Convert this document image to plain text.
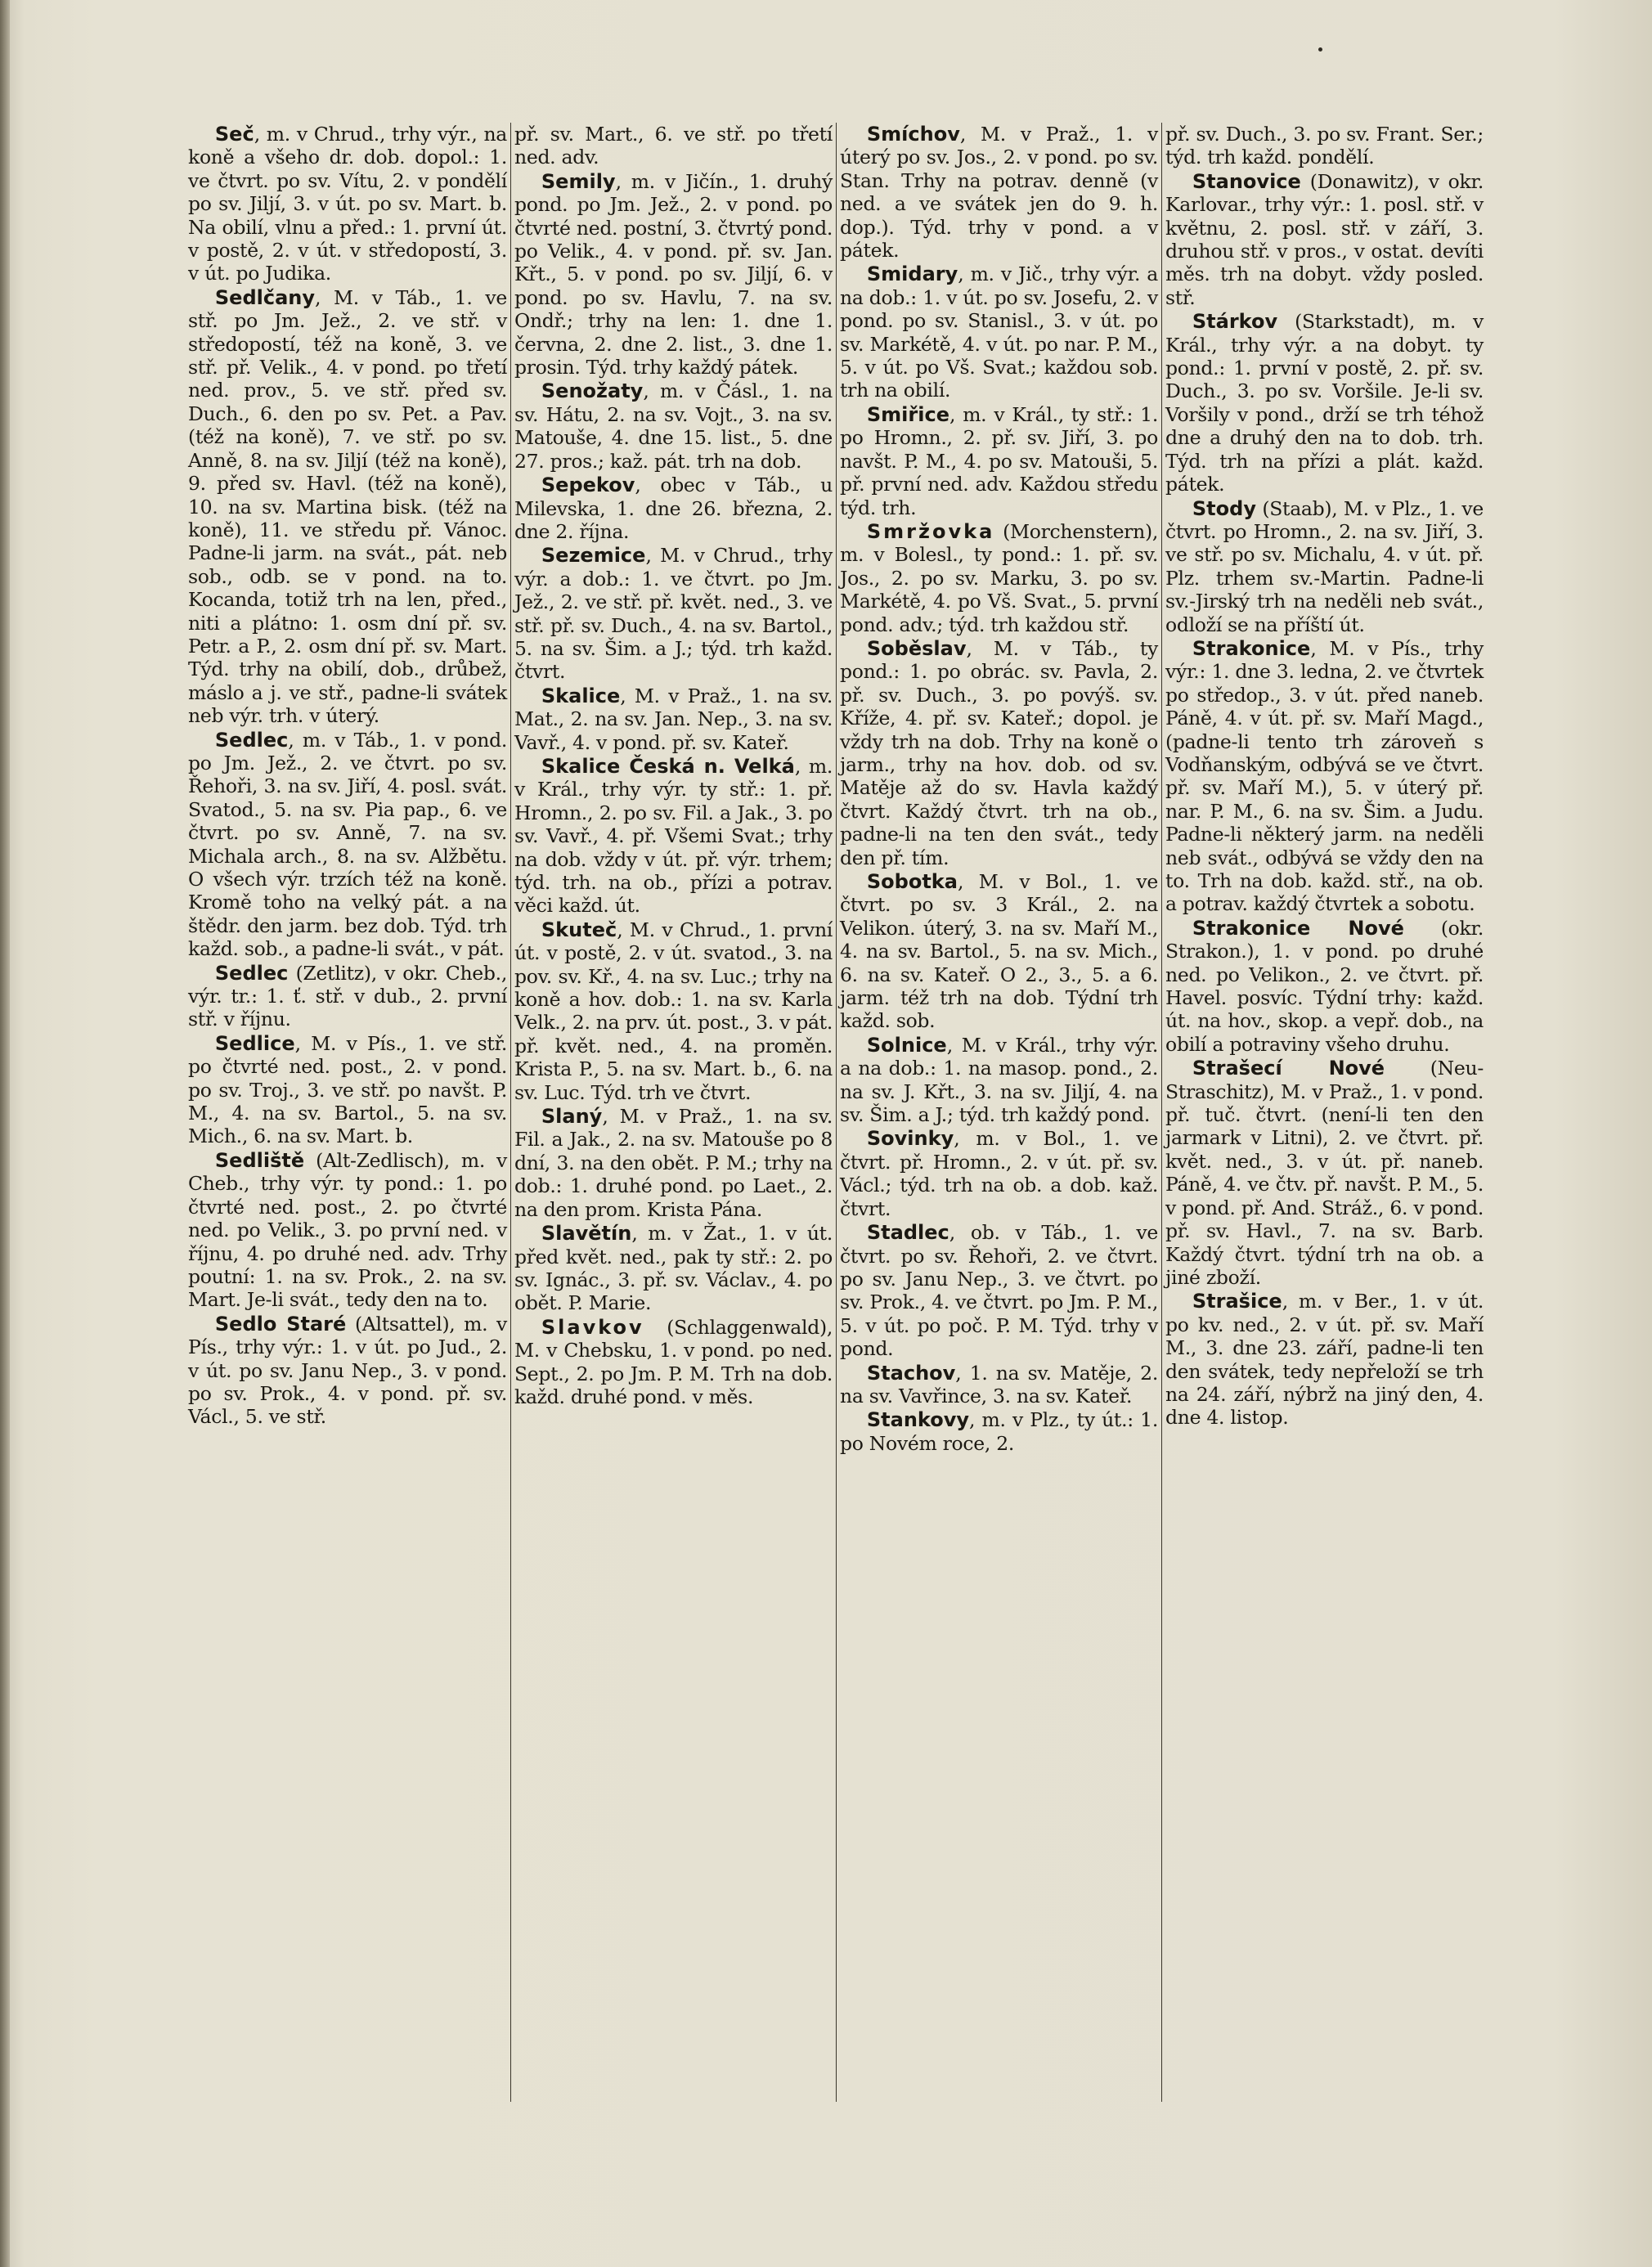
Seč, m. v Chrud., trhy výr., na koně a všeho dr. dob. dopol.: 1. ve čtvrt. po sv. Vítu, 2. v pondělí po sv. Jiljí, 3. v út. po sv. Mart. b. Na obilí, vlnu a před.: 1. první út. v postě, 2. v út. v středopostí, 3. v út. po Judika.

Sedlčany, M. v Táb., 1. ve stř. po Jm. Jež., 2. ve stř. v středopostí, též na koně, 3. ve stř. př. Velik., 4. v pond. po třetí ned. prov., 5. ve stř. před sv. Duch., 6. den po sv. Pet. a Pav. (též na koně), 7. ve stř. po sv. Anně, 8. na sv. Jiljí (též na koně), 9. před sv. Havl. (též na koně), 10. na sv. Martina bisk. (též na koně), 11. ve středu př. Vánoc. Padne-li jarm. na svát., pát. neb sob., odb. se v pond. na to. Kocanda, totiž trh na len, před., niti a plátno: 1. osm dní př. sv. Petr. a P., 2. osm dní př. sv. Mart. Týd. trhy na obilí, dob., drůbež, máslo a j. ve stř., padne-li svátek neb výr. trh. v úterý.

Sedlec, m. v Táb., 1. v pond. po Jm. Jež., 2. ve čtvrt. po sv. Řehoři, 3. na sv. Jiří, 4. posl. svát. Svatod., 5. na sv. Pia pap., 6. ve čtvrt. po sv. Anně, 7. na sv. Michala arch., 8. na sv. Alžbětu. O všech výr. trzích též na koně. Kromě toho na velký pát. a na štědr. den jarm. bez dob. Týd. trh každ. sob., a padne-li svát., v pát.

Sedlec (Zetlitz), v okr. Cheb., výr. tr.: 1. ť. stř. v dub., 2. první stř. v říjnu.

Sedlice, M. v Pís., 1. ve stř. po čtvrté ned. post., 2. v pond. po sv. Troj., 3. ve stř. po navšt. P. M., 4. na sv. Bartol., 5. na sv. Mich., 6. na sv. Mart. b.

Sedliště (Alt-Zedlisch), m. v Cheb., trhy výr. ty pond.: 1. po čtvrté ned. post., 2. po čtvrté ned. po Velik., 3. po první ned. v říjnu, 4. po druhé ned. adv. Trhy poutní: 1. na sv. Prok., 2. na sv. Mart. Je-li svát., tedy den na to.

Sedlo Staré (Altsattel), m. v Pís., trhy výr.: 1. v út. po Jud., 2. v út. po sv. Janu Nep., 3. v pond. po sv. Prok., 4. v pond. př. sv. Václ., 5. ve stř.

př. sv. Mart., 6. ve stř. po třetí ned. adv.

Semily, m. v Jičín., 1. druhý pond. po Jm. Jež., 2. v pond. po čtvrté ned. postní, 3. čtvrtý pond. po Velik., 4. v pond. př. sv. Jan. Křt., 5. v pond. po sv. Jiljí, 6. v pond. po sv. Havlu, 7. na sv. Ondř.; trhy na len: 1. dne 1. června, 2. dne 2. list., 3. dne 1. prosin. Týd. trhy každý pátek.

Senožaty, m. v Čásl., 1. na sv. Hátu, 2. na sv. Vojt., 3. na sv. Matouše, 4. dne 15. list., 5. dne 27. pros.; kaž. pát. trh na dob.

Sepekov, obec v Táb., u Milevska, 1. dne 26. března, 2. dne 2. října.

Sezemice, M. v Chrud., trhy výr. a dob.: 1. ve čtvrt. po Jm. Jež., 2. ve stř. př. květ. ned., 3. ve stř. př. sv. Duch., 4. na sv. Bartol., 5. na sv. Šim. a J.; týd. trh každ. čtvrt.

Skalice, M. v Praž., 1. na sv. Mat., 2. na sv. Jan. Nep., 3. na sv. Vavř., 4. v pond. př. sv. Kateř.

Skalice Česká n. Velká, m. v Král., trhy výr. ty stř.: 1. př. Hromn., 2. po sv. Fil. a Jak., 3. po sv. Vavř., 4. př. Všemi Svat.; trhy na dob. vždy v út. př. výr. trhem; týd. trh. na ob., přízi a potrav. věci každ. út.

Skuteč, M. v Chrud., 1. první út. v postě, 2. v út. svatod., 3. na pov. sv. Kř., 4. na sv. Luc.; trhy na koně a hov. dob.: 1. na sv. Karla Velk., 2. na prv. út. post., 3. v pát. př. květ. ned., 4. na proměn. Krista P., 5. na sv. Mart. b., 6. na sv. Luc. Týd. trh ve čtvrt.

Slaný, M. v Praž., 1. na sv. Fil. a Jak., 2. na sv. Matouše po 8 dní, 3. na den obět. P. M.; trhy na dob.: 1. druhé pond. po Laet., 2. na den prom. Krista Pána.

Slavětín, m. v Žat., 1. v út. před květ. ned., pak ty stř.: 2. po sv. Ignác., 3. př. sv. Václav., 4. po obět. P. Marie.

Slavkov (Schlaggenwald), M. v Chebsku, 1. v pond. po ned. Sept., 2. po Jm. P. M. Trh na dob. každ. druhé pond. v měs.

Smíchov, M. v Praž., 1. v úterý po sv. Jos., 2. v pond. po sv. Stan. Trhy na potrav. denně (v ned. a ve svátek jen do 9. h. dop.). Týd. trhy v pond. a v pátek.

Smidary, m. v Jič., trhy výr. a na dob.: 1. v út. po sv. Josefu, 2. v pond. po sv. Stanisl., 3. v út. po sv. Markétě, 4. v út. po nar. P. M., 5. v út. po Vš. Svat.; každou sob. trh na obilí.

Smiřice, m. v Král., ty stř.: 1. po Hromn., 2. př. sv. Jiří, 3. po navšt. P. M., 4. po sv. Matouši, 5. př. první ned. adv. Každou středu týd. trh.

Smržovka (Morchenstern), m. v Bolesl., ty pond.: 1. př. sv. Jos., 2. po sv. Marku, 3. po sv. Markétě, 4. po Vš. Svat., 5. první pond. adv.; týd. trh každou stř.

Soběslav, M. v Táb., ty pond.: 1. po obrác. sv. Pavla, 2. př. sv. Duch., 3. po povýš. sv. Kříže, 4. př. sv. Kateř.; dopol. je vždy trh na dob. Trhy na koně o jarm., trhy na hov. dob. od sv. Matěje až do sv. Havla každý čtvrt. Každý čtvrt. trh na ob., padne-li na ten den svát., tedy den př. tím.

Sobotka, M. v Bol., 1. ve čtvrt. po sv. 3 Král., 2. na Velikon. úterý, 3. na sv. Maří M., 4. na sv. Bartol., 5. na sv. Mich., 6. na sv. Kateř. O 2., 3., 5. a 6. jarm. též trh na dob. Týdní trh každ. sob.

Solnice, M. v Král., trhy výr. a na dob.: 1. na masop. pond., 2. na sv. J. Křt., 3. na sv. Jiljí, 4. na sv. Šim. a J.; týd. trh každý pond.

Sovinky, m. v Bol., 1. ve čtvrt. př. Hromn., 2. v út. př. sv. Václ.; týd. trh na ob. a dob. kaž. čtvrt.

Stadlec, ob. v Táb., 1. ve čtvrt. po sv. Řehoři, 2. ve čtvrt. po sv. Janu Nep., 3. ve čtvrt. po sv. Prok., 4. ve čtvrt. po Jm. P. M., 5. v út. po poč. P. M. Týd. trhy v pond.

Stachov, 1. na sv. Matěje, 2. na sv. Vavřince, 3. na sv. Kateř.

Stankovy, m. v Plz., ty út.: 1. po Novém roce, 2.

př. sv. Duch., 3. po sv. Frant. Ser.; týd. trh každ. pondělí.

Stanovice (Donawitz), v okr. Karlovar., trhy výr.: 1. posl. stř. v květnu, 2. posl. stř. v září, 3. druhou stř. v pros., v ostat. devíti měs. trh na dobyt. vždy posled. stř.

Stárkov (Starkstadt), m. v Král., trhy výr. a na dobyt. ty pond.: 1. první v postě, 2. př. sv. Duch., 3. po sv. Voršile. Je-li sv. Voršily v pond., drží se trh téhož dne a druhý den na to dob. trh. Týd. trh na přízi a plát. každ. pátek.

Stody (Staab), M. v Plz., 1. ve čtvrt. po Hromn., 2. na sv. Jiří, 3. ve stř. po sv. Michalu, 4. v út. př. Plz. trhem sv.-Martin. Padne-li sv.-Jirský trh na neděli neb svát., odloží se na příští út.

Strakonice, M. v Pís., trhy výr.: 1. dne 3. ledna, 2. ve čtvrtek po středop., 3. v út. před naneb. Páně, 4. v út. př. sv. Maří Magd., (padne-li tento trh zároveň s Vodňanským, odbývá se ve čtvrt. př. sv. Maří M.), 5. v úterý př. nar. P. M., 6. na sv. Šim. a Judu. Padne-li některý jarm. na neděli neb svát., odbývá se vždy den na to. Trh na dob. každ. stř., na ob. a potrav. každý čtvrtek a sobotu.

Strakonice Nové (okr. Strakon.), 1. v pond. po druhé ned. po Velikon., 2. ve čtvrt. př. Havel. posvíc. Týdní trhy: každ. út. na hov., skop. a vepř. dob., na obilí a potraviny všeho druhu.

Strašecí Nové (Neu-Straschitz), M. v Praž., 1. v pond. př. tuč. čtvrt. (není-li ten den jarmark v Litni), 2. ve čtvrt. př. květ. ned., 3. v út. př. naneb. Páně, 4. ve čtv. př. navšt. P. M., 5. v pond. př. And. Stráž., 6. v pond. př. sv. Havl., 7. na sv. Barb. Každý čtvrt. týdní trh na ob. a jiné zboží.

Strašice, m. v Ber., 1. v út. po kv. ned., 2. v út. př. sv. Maří M., 3. dne 23. září, padne-li ten den svátek, tedy nepřeloží se trh na 24. září, nýbrž na jiný den, 4. dne 4. listop.
